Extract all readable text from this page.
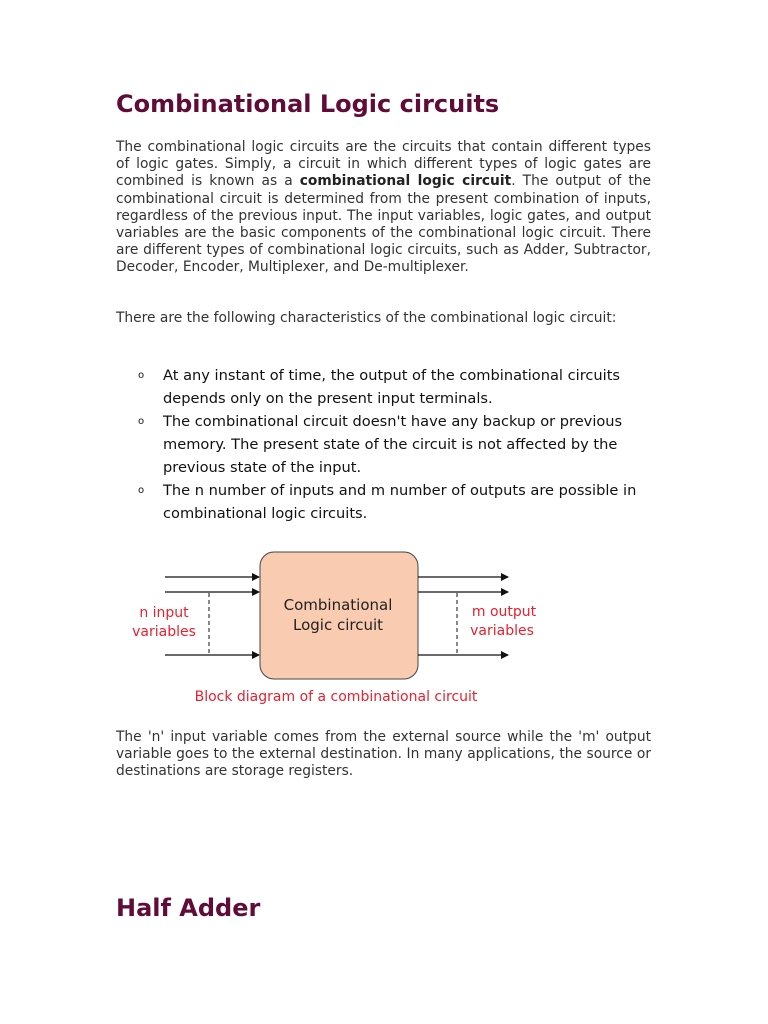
Combinational Logic circuits

The combinational logic circuits are the circuits that contain different types of logic gates. Simply, a circuit in which different types of logic gates are combined is known as a combinational logic circuit. The output of the combinational circuit is determined from the present combination of inputs, regardless of the previous input. The input variables, logic gates, and output variables are the basic components of the combinational logic circuit. There are different types of combinational logic circuits, such as Adder, Subtractor, Decoder, Encoder, Multiplexer, and De-multiplexer.

There are the following characteristics of the combinational logic circuit:

o At any instant of time, the output of the combinational circuits depends only on the present input terminals.
o The combinational circuit doesn't have any backup or previous memory. The present state of the circuit is not affected by the previous state of the input.
o The n number of inputs and m number of outputs are possible in combinational logic circuits.

The 'n' input variable comes from the external source while the 'm' output variable goes to the external destination. In many applications, the source or destinations are storage registers.

Half Adder
Combinational
Logic circuit
n input
variables
m output
variables
Block diagram of a combinational circuit
